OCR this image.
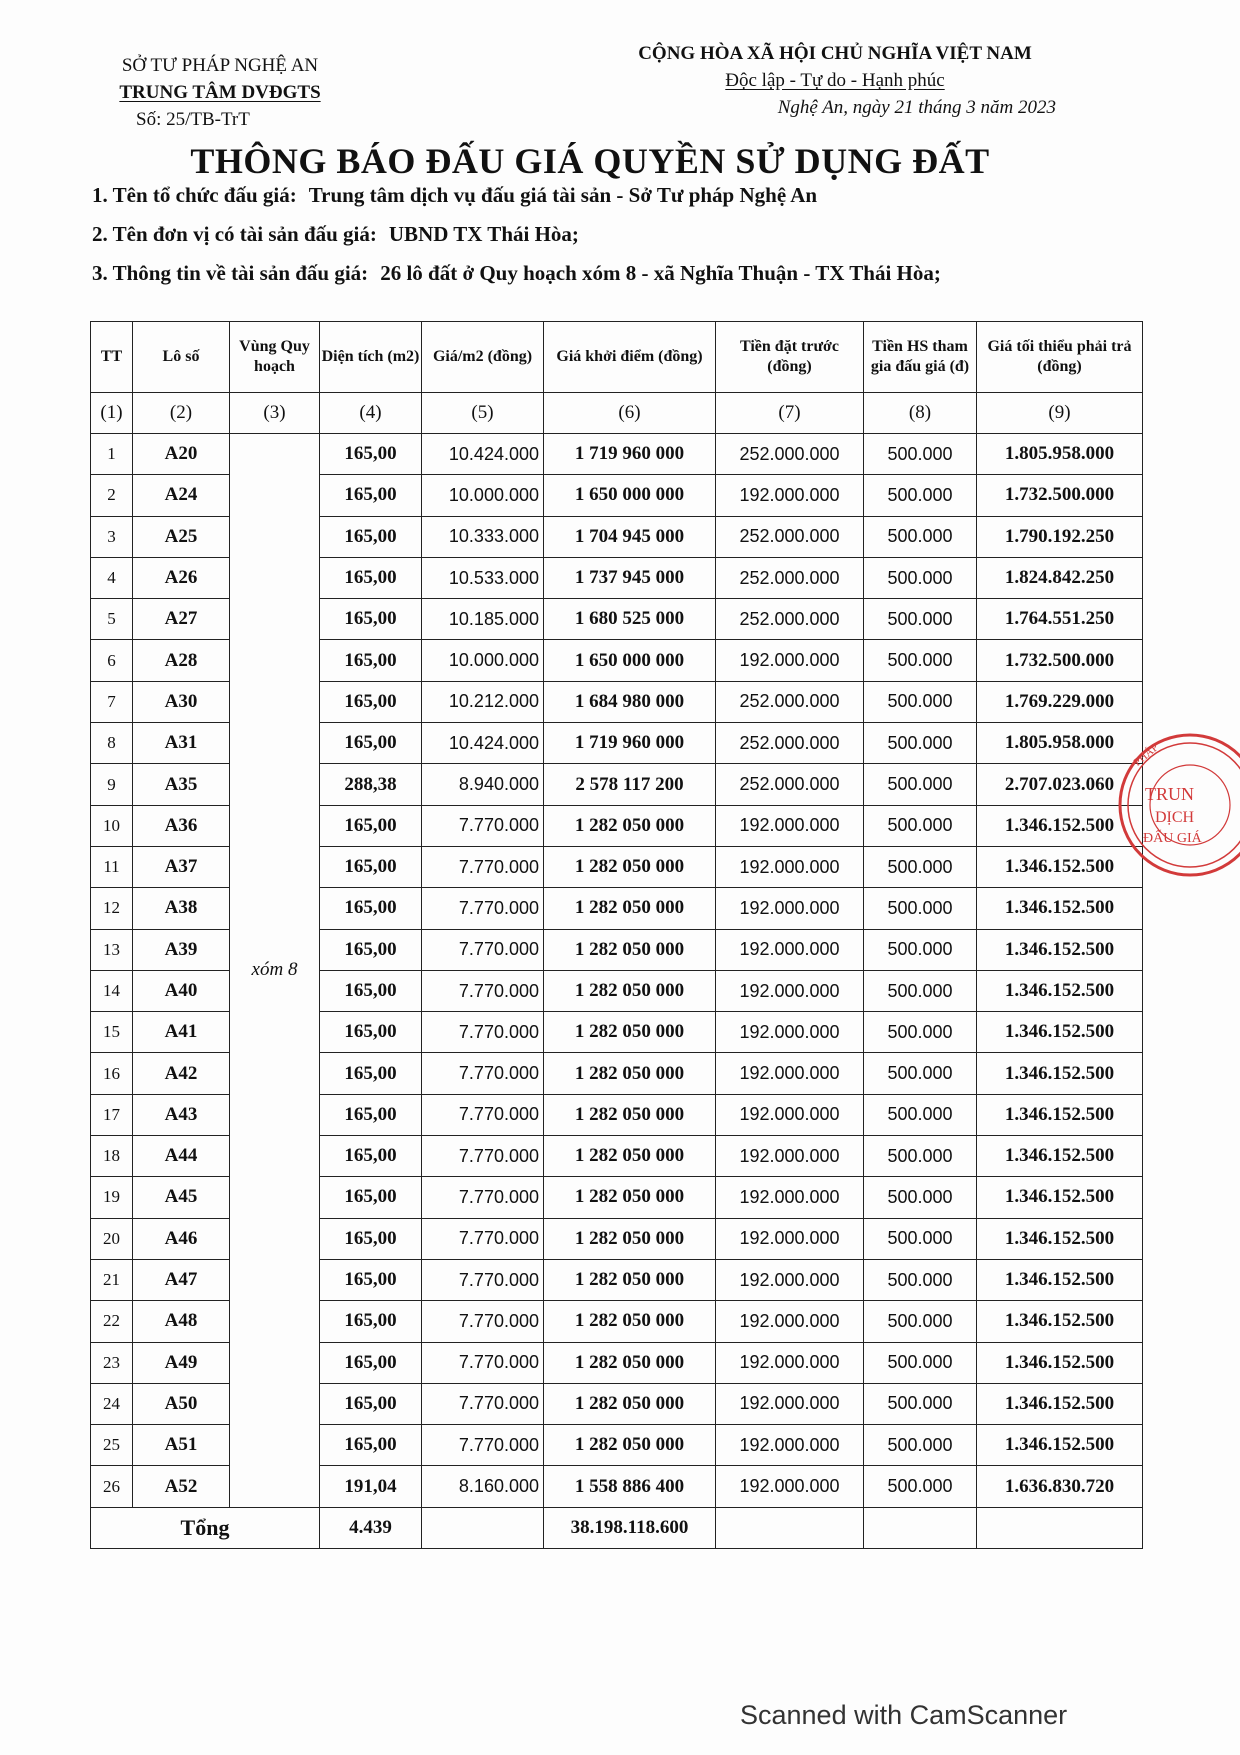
SỞ TƯ PHÁP NGHỆ AN
TRUNG TÂM DVĐGTS
Số: 25/TB-TrT
CỘNG HÒA XÃ HỘI CHỦ NGHĨA VIỆT NAM
Độc lập - Tự do - Hạnh phúc
Nghệ An, ngày 21 tháng 3 năm 2023
THÔNG BÁO ĐẤU GIÁ QUYỀN SỬ DỤNG ĐẤT
1. Tên tổ chức đấu giá: Trung tâm dịch vụ đấu giá tài sản - Sở Tư pháp Nghệ An
2. Tên đơn vị có tài sản đấu giá: UBND TX Thái Hòa;
3. Thông tin về tài sản đấu giá: 26 lô đất ở Quy hoạch xóm 8 - xã Nghĩa Thuận - TX Thái Hòa;
TT	Lô số	Vùng Quy hoạch	Diện tích (m2)	Giá/m2 (đồng)	Giá khởi điểm (đồng)	Tiền đặt trước (đồng)	Tiền HS tham gia đấu giá (đ)	Giá tối thiểu phải trả (đồng)
(1)	(2)	(3)	(4)	(5)	(6)	(7)	(8)	(9)
1	A20	xóm 8	165,00	10.424.000	1 719 960 000	252.000.000	500.000	1.805.958.000
2	A24		165,00	10.000.000	1 650 000 000	192.000.000	500.000	1.732.500.000
3	A25		165,00	10.333.000	1 704 945 000	252.000.000	500.000	1.790.192.250
4	A26		165,00	10.533.000	1 737 945 000	252.000.000	500.000	1.824.842.250
5	A27		165,00	10.185.000	1 680 525 000	252.000.000	500.000	1.764.551.250
6	A28		165,00	10.000.000	1 650 000 000	192.000.000	500.000	1.732.500.000
7	A30		165,00	10.212.000	1 684 980 000	252.000.000	500.000	1.769.229.000
8	A31		165,00	10.424.000	1 719 960 000	252.000.000	500.000	1.805.958.000
9	A35		288,38	8.940.000	2 578 117 200	252.000.000	500.000	2.707.023.060
10	A36		165,00	7.770.000	1 282 050 000	192.000.000	500.000	1.346.152.500
11	A37		165,00	7.770.000	1 282 050 000	192.000.000	500.000	1.346.152.500
12	A38		165,00	7.770.000	1 282 050 000	192.000.000	500.000	1.346.152.500
13	A39		165,00	7.770.000	1 282 050 000	192.000.000	500.000	1.346.152.500
14	A40		165,00	7.770.000	1 282 050 000	192.000.000	500.000	1.346.152.500
15	A41		165,00	7.770.000	1 282 050 000	192.000.000	500.000	1.346.152.500
16	A42		165,00	7.770.000	1 282 050 000	192.000.000	500.000	1.346.152.500
17	A43		165,00	7.770.000	1 282 050 000	192.000.000	500.000	1.346.152.500
18	A44		165,00	7.770.000	1 282 050 000	192.000.000	500.000	1.346.152.500
19	A45		165,00	7.770.000	1 282 050 000	192.000.000	500.000	1.346.152.500
20	A46		165,00	7.770.000	1 282 050 000	192.000.000	500.000	1.346.152.500
21	A47		165,00	7.770.000	1 282 050 000	192.000.000	500.000	1.346.152.500
22	A48		165,00	7.770.000	1 282 050 000	192.000.000	500.000	1.346.152.500
23	A49		165,00	7.770.000	1 282 050 000	192.000.000	500.000	1.346.152.500
24	A50		165,00	7.770.000	1 282 050 000	192.000.000	500.000	1.346.152.500
25	A51		165,00	7.770.000	1 282 050 000	192.000.000	500.000	1.346.152.500
26	A52		191,04	8.160.000	1 558 886 400	192.000.000	500.000	1.636.830.720
Tổng			4.439		38.198.118.600			
TRUN
DỊCH
ĐẤU GIÁ
PHÁP
Scanned with CamScanner
